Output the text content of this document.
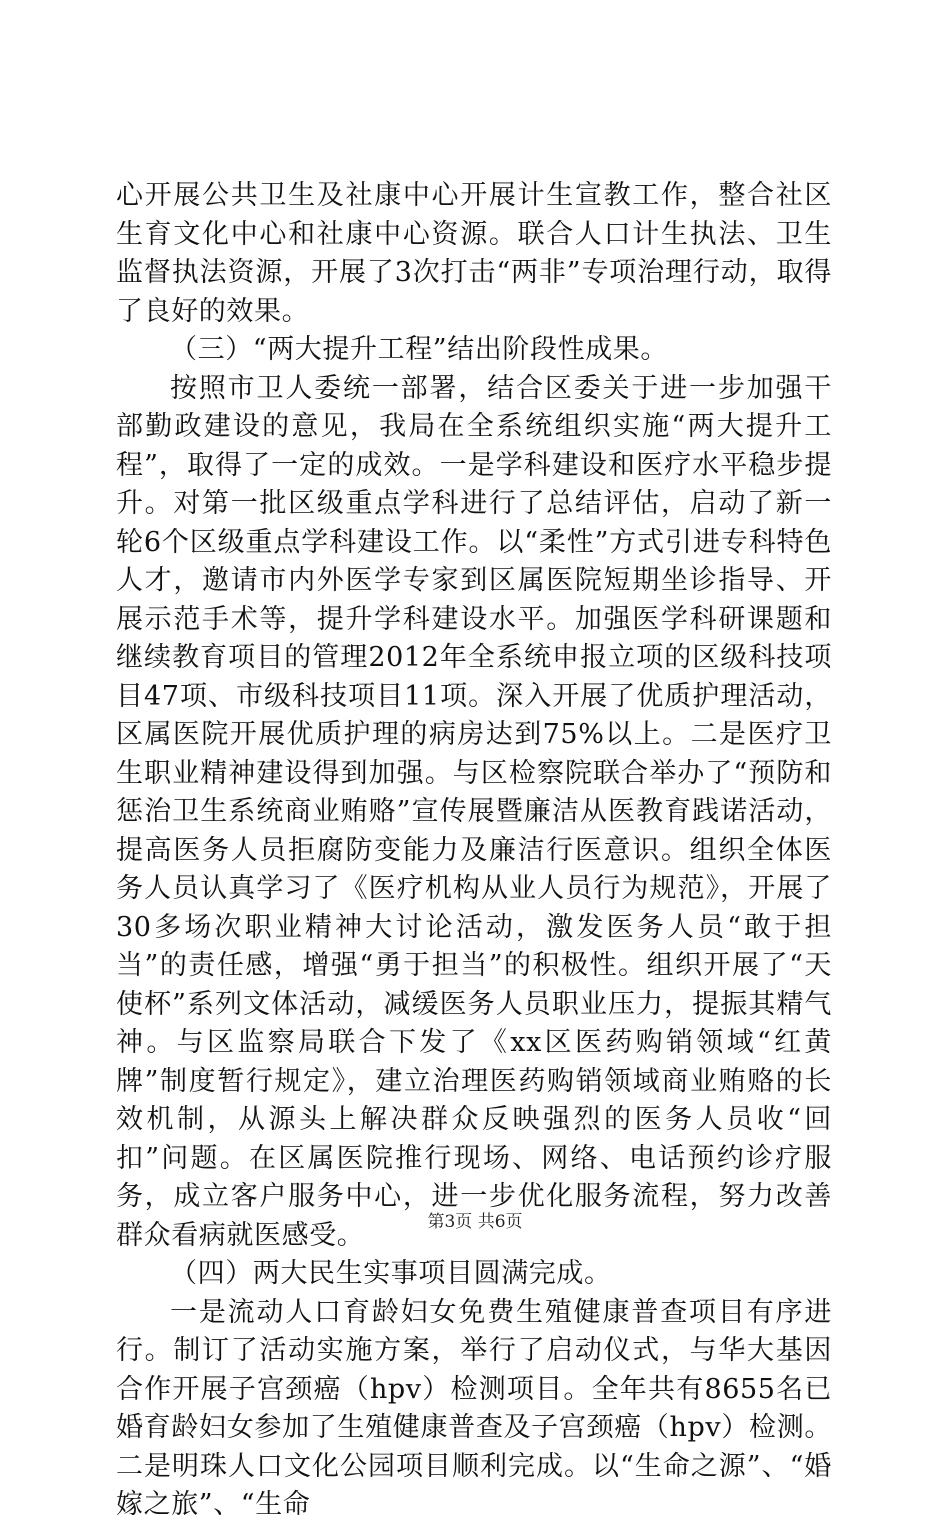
心开展公共卫生及社康中心开展计生宣教工作，整合社区生育文化中心和社康中心资源。联合人口计生执法、卫生监督执法资源，开展了3次打击“两非”专项治理行动，取得了良好的效果。

（三）“两大提升工程”结出阶段性成果。

按照市卫人委统一部署，结合区委关于进一步加强干部勤政建设的意见，我局在全系统组织实施“两大提升工程”，取得了一定的成效。一是学科建设和医疗水平稳步提升。对第一批区级重点学科进行了总结评估，启动了新一轮6个区级重点学科建设工作。以“柔性”方式引进专科特色人才，邀请市内外医学专家到区属医院短期坐诊指导、开展示范手术等，提升学科建设水平。加强医学科研课题和继续教育项目的管理2012年全系统申报立项的区级科技项目47项、市级科技项目11项。深入开展了优质护理活动，区属医院开展优质护理的病房达到75%以上。二是医疗卫生职业精神建设得到加强。与区检察院联合举办了“预防和惩治卫生系统商业贿赂”宣传展暨廉洁从医教育践诺活动，提高医务人员拒腐防变能力及廉洁行医意识。组织全体医务人员认真学习了《医疗机构从业人员行为规范》，开展了30多场次职业精神大讨论活动，激发医务人员“敢于担当”的责任感，增强“勇于担当”的积极性。组织开展了“天使杯”系列文体活动，减缓医务人员职业压力，提振其精气神。与区监察局联合下发了《xx区医药购销领域“红黄牌”制度暂行规定》，建立治理医药购销领域商业贿赂的长效机制，从源头上解决群众反映强烈的医务人员收“回扣”问题。在区属医院推行现场、网络、电话预约诊疗服务，成立客户服务中心，进一步优化服务流程，努力改善群众看病就医感受。

（四）两大民生实事项目圆满完成。

一是流动人口育龄妇女免费生殖健康普查项目有序进行。制订了活动实施方案，举行了启动仪式，与华大基因合作开展子宫颈癌（hpv）检测项目。全年共有8655名已婚育龄妇女参加了生殖健康普查及子宫颈癌（hpv）检测。二是明珠人口文化公园项目顺利完成。以“生命之源”、“婚嫁之旅”、“生命

第3页 共6页
